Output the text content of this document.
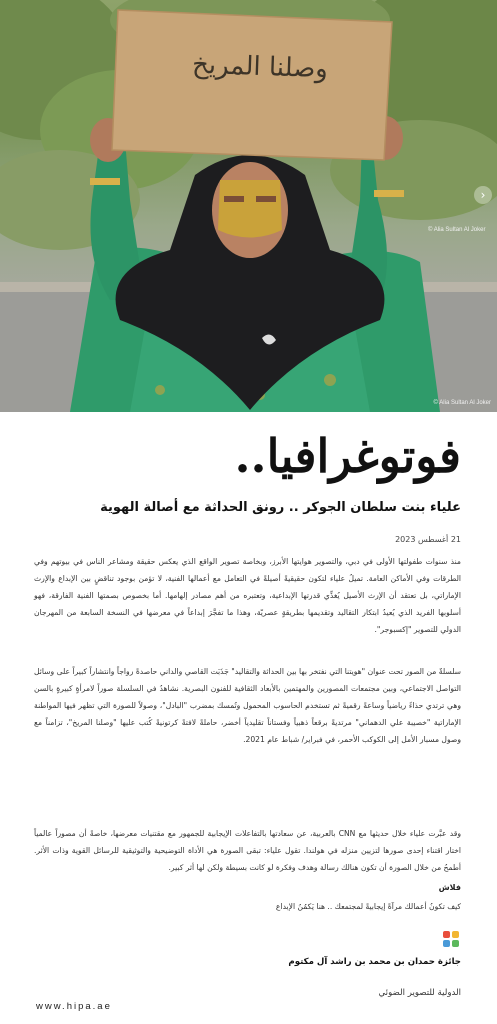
وصلنا المريخ
›
© Alia Sultan Al Joker
© Alia Sultan Al Joker
فوتوغرافيا..
علياء بنت سلطان الجوكر .. رونق الحداثة مع أصالة الهوية
21 أغسطس 2023

منذ سنوات طفولتها الأولى في دبي، والتصوير هوايتها الأبرز، وبخاصة تصوير الواقع الذي يعكس حقيقة ومشاعر الناس في بيوتهم وفي الطرقات وفي الأماكن العامة. تميلُ علياء لتكون حقيقيةً أصيلةً في التعامل مع أعمالها الفنية، لا تؤمن بوجود تناقضٍ بين الإبداع والإرث الإماراتي، بل تعتقد أن الإرث الأصيل يُغذِّي قدرتها الإبداعية، وتعتبره من أهم مصادر إلهامها. أما بخصوص بصمتها الفنية الفارقة، فهو أسلوبها الفريد الذي يُعيدُ ابتكار التقاليد وتقديمها بطريقةٍ عصريّة، وهذا ما تفجَّرَ إبداعاً في معرضها في النسخة السابعة من المهرجان الدولي للتصوير "إكسبوجر".

سلسلةٌ من الصور تحت عنوان "هويتنا التي نفتخر بها بين الحداثة والتقاليد" جَذَبَت القاصي والداني حاصدةً رواجاً وانتشاراً كبيراً على وسائل التواصل الاجتماعي، وبين مجتمعات المصورين والمهتمين بالأبعاد الثقافية للفنون البصرية. نشاهدُ في السلسلة صوراً لامرأةٍ كبيرةٍ بالسن وهي ترتدي حذاءً رياضياً وساعةً رقميةً ثم تستخدم الحاسوب المحمول وتُمسك بمضرب "البادل"، وصولاً للصورة التي تظهر فيها المواطنة الإماراتية "خصيبة علي الدهماني" مرتديةً برقعاً ذهبياً وفستاناً تقليدياً أخضر، حاملةً لافتةً كرتونيةً كُتب عليها "وصلنا المريخ"، تزامناً مع وصول مسبار الأمل إلى الكوكب الأحمر، في فبراير/ شباط عام 2021.

وقد عبَّرت علياء خلال حديثها مع CNN بالعربية، عن سعادتها بالتفاعلات الإيجابية للجمهور مع مقتنيات معرضها، خاصةً أن مصوراً عالمياً اختار اقتناء إحدى صورها لتزيين منزله في هولندا. تقول علياء: تبقى الصورة هي الأداة التوضيحية والتوثيقية للرسائل القوية وذات الأثر. أطمحُ من خلال الصورة أن تكون هنالك رسالة وهدف وفكرة لو كانت بسيطة ولكن لها أثر كبير.

فلاش
كيف تكونُ أعمالك مرآةً إيجابيةً لمجتمعك .. هنا يَكمُنُ الإبداع
جائزة حمدان بن محمد بن راشد آل مكتوم
الدولية للتصوير الضوئي
www.hipa.ae
